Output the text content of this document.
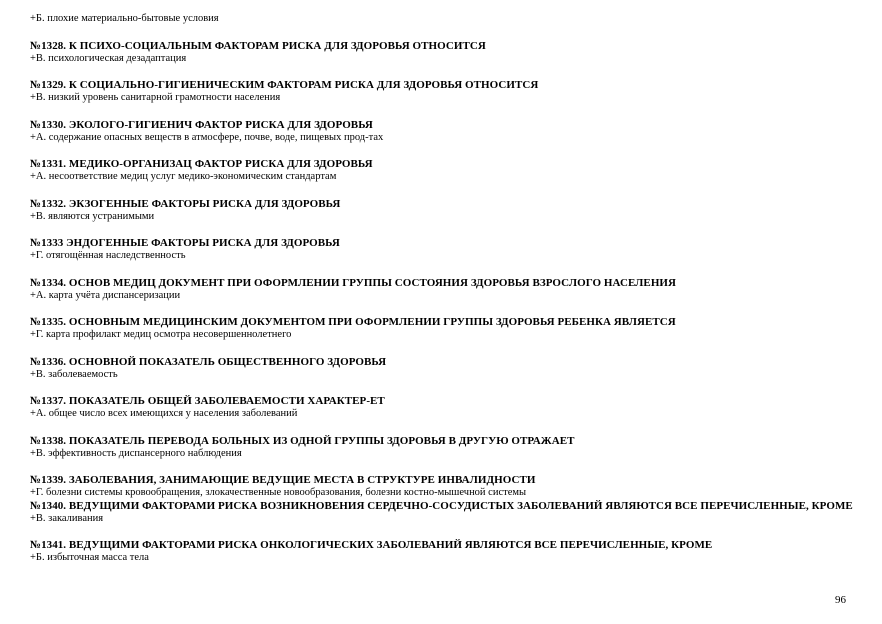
+Б. плохие материально-бытовые условия
№1328. К ПСИХО-СОЦИАЛЬНЫМ ФАКТОРАМ РИСКА ДЛЯ ЗДОРОВЬЯ ОТНОСИТСЯ
+В. психологическая дезадаптация
№1329. К СОЦИАЛЬНО-ГИГИЕНИЧЕСКИМ ФАКТОРАМ РИСКА ДЛЯ ЗДОРОВЬЯ ОТНОСИТСЯ
+В. низкий уровень санитарной грамотности населения
№1330. ЭКОЛОГО-ГИГИЕНИЧ ФАКТОР РИСКА ДЛЯ ЗДОРОВЬЯ
+А. содержание опасных веществ в атмосфере, почве, воде, пищевых прод-тах
№1331. МЕДИКО-ОРГАНИЗАЦ ФАКТОР РИСКА ДЛЯ ЗДОРОВЬЯ
+А. несоответствие медиц услуг медико-экономическим стандартам
№1332. ЭКЗОГЕННЫЕ ФАКТОРЫ РИСКА ДЛЯ ЗДОРОВЬЯ
+В. являются устранимыми
№1333 ЭНДОГЕННЫЕ ФАКТОРЫ РИСКА ДЛЯ ЗДОРОВЬЯ
+Г. отягощённая наследственность
№1334. ОСНОВ МЕДИЦ ДОКУМЕНТ ПРИ ОФОРМЛЕНИИ ГРУППЫ СОСТОЯНИЯ ЗДОРОВЬЯ ВЗРОСЛОГО НАСЕЛЕНИЯ
+А. карта учёта диспансеризации
№1335. ОСНОВНЫМ МЕДИЦИНСКИМ ДОКУМЕНТОМ ПРИ ОФОРМЛЕНИИ ГРУППЫ ЗДОРОВЬЯ РЕБЕНКА ЯВЛЯЕТСЯ
+Г. карта профилакт медиц осмотра несовершеннолетнего
№1336. ОСНОВНОЙ ПОКАЗАТЕЛЬ ОБЩЕСТВЕННОГО ЗДОРОВЬЯ
+В. заболеваемость
№1337. ПОКАЗАТЕЛЬ ОБЩЕЙ ЗАБОЛЕВАЕМОСТИ ХАРАКТЕР-ЕТ
+А. общее число всех имеющихся у населения заболеваний
№1338. ПОКАЗАТЕЛЬ ПЕРЕВОДА БОЛЬНЫХ ИЗ ОДНОЙ ГРУППЫ ЗДОРОВЬЯ В ДРУГУЮ ОТРАЖАЕТ
+В. эффективность диспансерного наблюдения
№1339. ЗАБОЛЕВАНИЯ, ЗАНИМАЮЩИЕ ВЕДУЩИЕ МЕСТА В СТРУКТУРЕ ИНВАЛИДНОСТИ
+Г. болезни системы кровообращения, злокачественные новообразования, болезни костно-мышечной системы
№1340. ВЕДУЩИМИ ФАКТОРАМИ РИСКА ВОЗНИКНОВЕНИЯ СЕРДЕЧНО-СОСУДИСТЫХ ЗАБОЛЕВАНИЙ ЯВЛЯЮТСЯ ВСЕ ПЕРЕЧИСЛЕННЫЕ, КРОМЕ
+В. закаливания
№1341. ВЕДУЩИМИ ФАКТОРАМИ РИСКА ОНКОЛОГИЧЕСКИХ ЗАБОЛЕВАНИЙ ЯВЛЯЮТСЯ ВСЕ ПЕРЕЧИСЛЕННЫЕ, КРОМЕ
+Б. избыточная масса тела
96
